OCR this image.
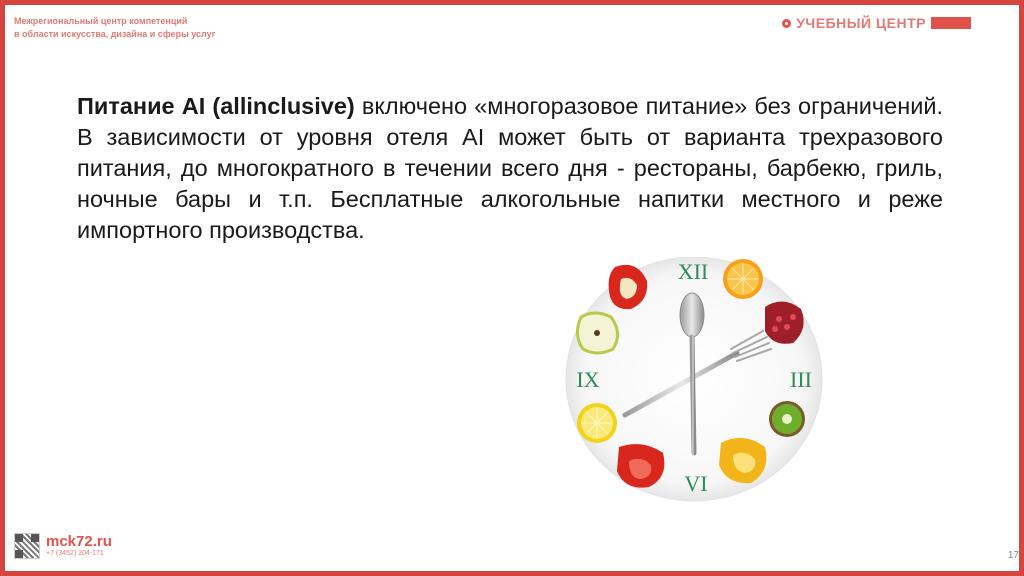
Межрегиональный центр компетенций
в области искусства, дизайна и сферы услуг
УЧЕБНЫЙ ЦЕНТР
Питание AI (allinclusive) включено «многоразовое питание» без ограничений. В зависимости от уровня отеля AI может быть от варианта трехразового питания, до многократного в течении всего дня - рестораны, барбекю, гриль, ночные бары и т.п. Бесплатные алкогольные напитки местного и реже импортного производства.
XII
III
VI
IX
mck72.ru
+7 (3452) 204-171	17
